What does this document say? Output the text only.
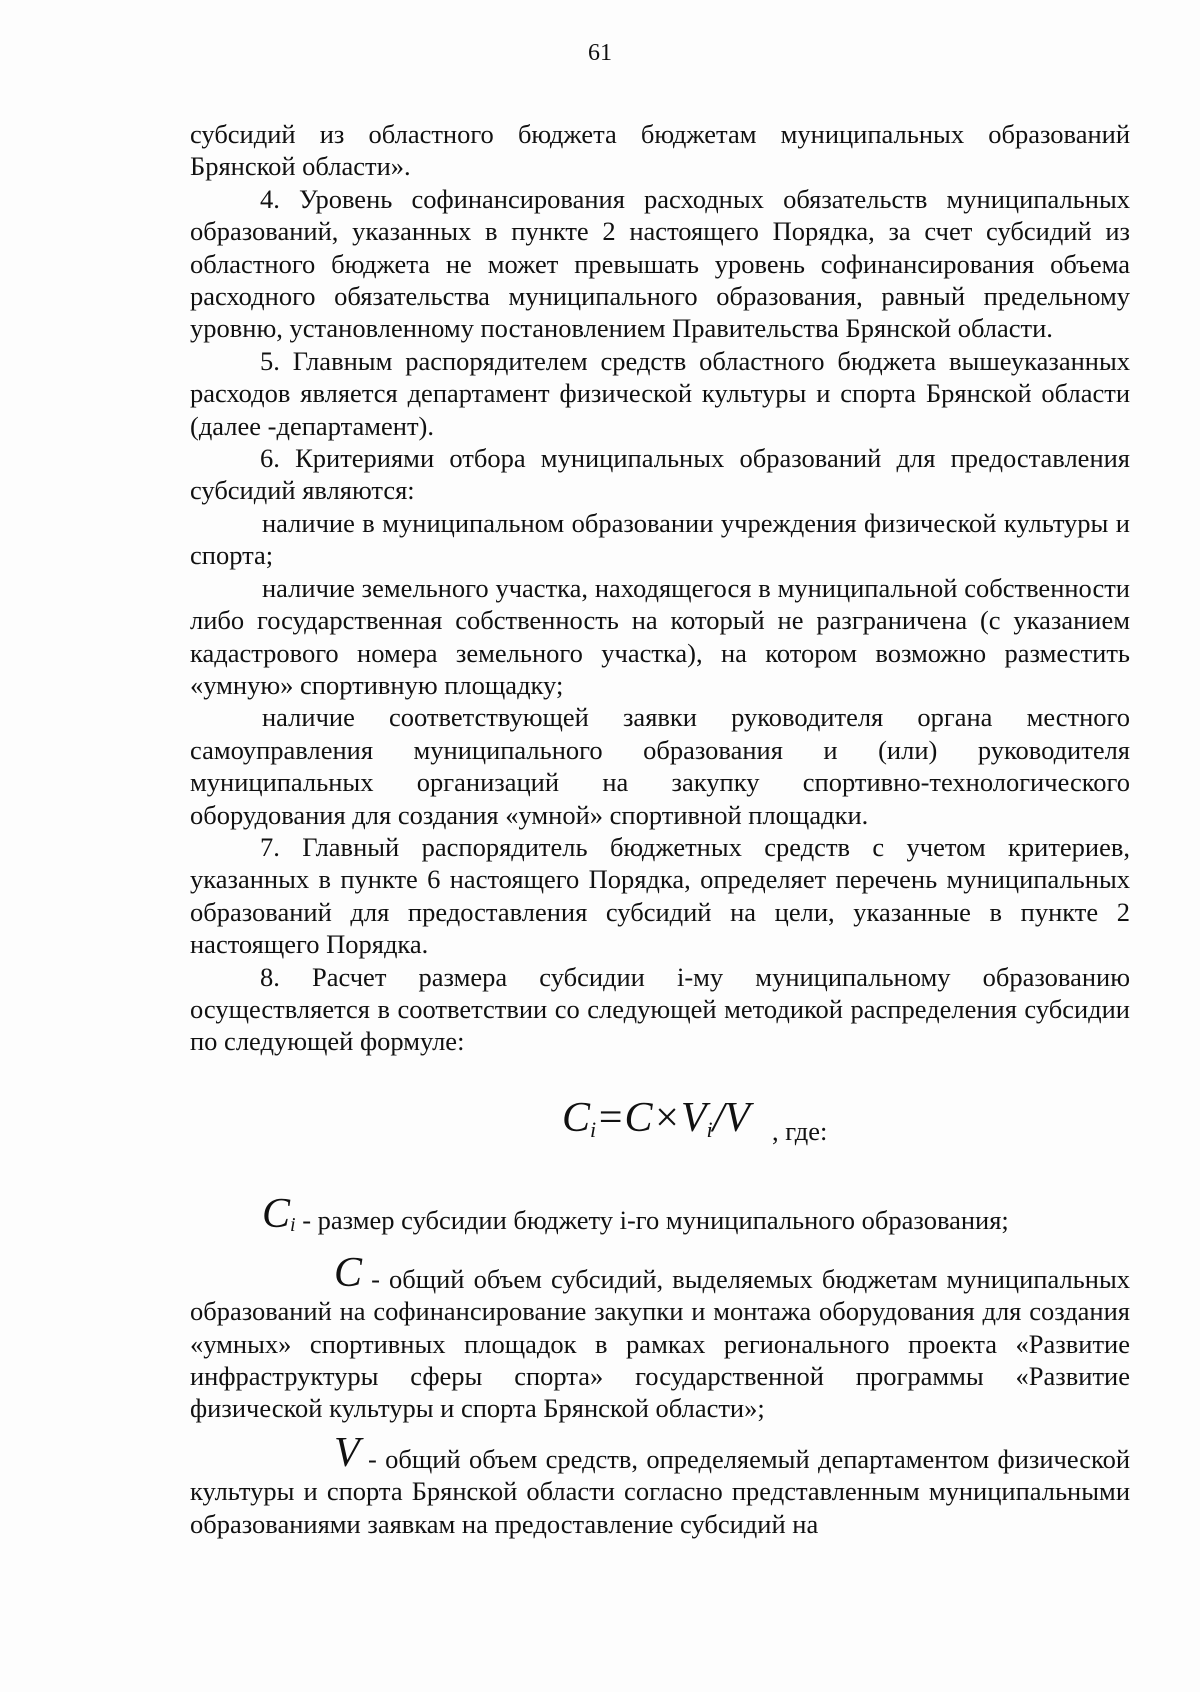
61

субсидий из областного бюджета бюджетам муниципальных образований Брянской области».

4. Уровень софинансирования расходных обязательств муниципальных образований, указанных в пункте 2 настоящего Порядка, за счет субсидий из областного бюджета не может превышать уровень софинансирования объема расходного обязательства муниципального образования, равный предельному уровню, установленному постановлением Правительства Брянской области.

5. Главным распорядителем средств областного бюджета вышеуказанных расходов является департамент физической культуры и спорта Брянской области (далее -департамент).

6. Критериями отбора муниципальных образований для предоставления субсидий являются:

наличие в муниципальном образовании учреждения физической культуры и спорта;

наличие земельного участка, находящегося в муниципальной собственности либо государственная собственность на который не разграничена (с указанием кадастрового номера земельного участка), на котором возможно разместить «умную» спортивную площадку;

наличие соответствующей заявки руководителя органа местного самоуправления муниципального образования и (или) руководителя муниципальных организаций на закупку спортивно-технологического оборудования для создания «умной» спортивной площадки.

7. Главный распорядитель бюджетных средств с учетом критериев, указанных в пункте 6 настоящего Порядка, определяет перечень муниципальных образований для предоставления субсидий на цели, указанные в пункте 2 настоящего Порядка.

8. Расчет размера субсидии i-му муниципальному образованию осуществляется в соответствии со следующей методикой распределения субсидии по следующей формуле:

$C_i=C\times V_i/V$ , где:

$C_i$ - размер субсидии бюджету i-го муниципального образования;

C - общий объем субсидий, выделяемых бюджетам муниципальных образований на софинансирование закупки и монтажа оборудования для создания «умных» спортивных площадок в рамках регионального проекта «Развитие инфраструктуры сферы спорта» государственной программы «Развитие физической культуры и спорта Брянской области»;

V - общий объем средств, определяемый департаментом физической культуры и спорта Брянской области согласно представленным муниципальными образованиями заявкам на предоставление субсидий на
